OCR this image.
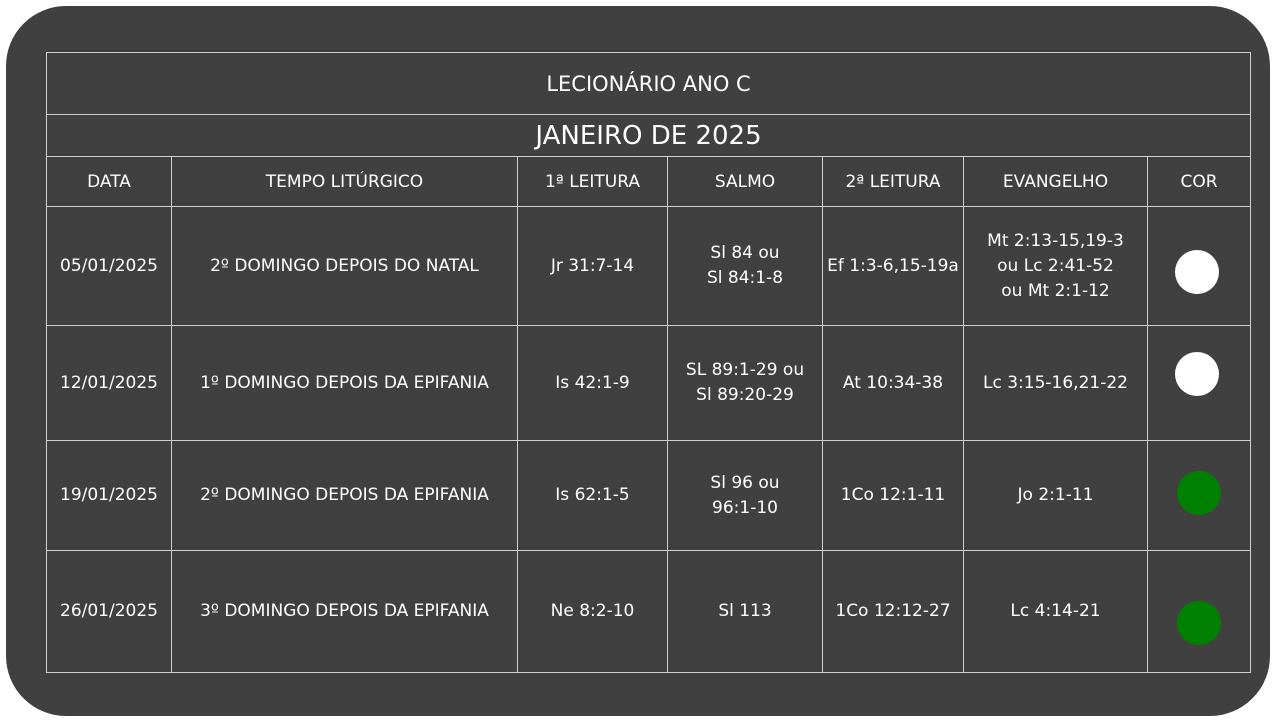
LECIONÁRIO ANO C						
JANEIRO DE 2025						
DATA	TEMPO LITÚRGICO	1ª LEITURA	SALMO	2ª LEITURA	EVANGELHO	COR
05/01/2025	2º DOMINGO DEPOIS DO NATAL	Jr 31:7-14	Sl 84 ou
Sl 84:1-8	Ef 1:3-6,15-19a	Mt 2:13-15,19-3
ou Lc 2:41-52
ou Mt 2:1-12	

12/01/2025	1º DOMINGO DEPOIS DA EPIFANIA	Is 42:1-9	SL 89:1-29 ou
Sl 89:20-29	At 10:34-38	Lc 3:15-16,21-22	

19/01/2025	2º DOMINGO DEPOIS DA EPIFANIA	Is 62:1-5	Sl 96 ou
96:1-10	1Co 12:1-11	Jo 2:1-11	

26/01/2025	3º DOMINGO DEPOIS DA EPIFANIA	Ne 8:2-10	Sl 113	1Co 12:12-27	Lc 4:14-21	
